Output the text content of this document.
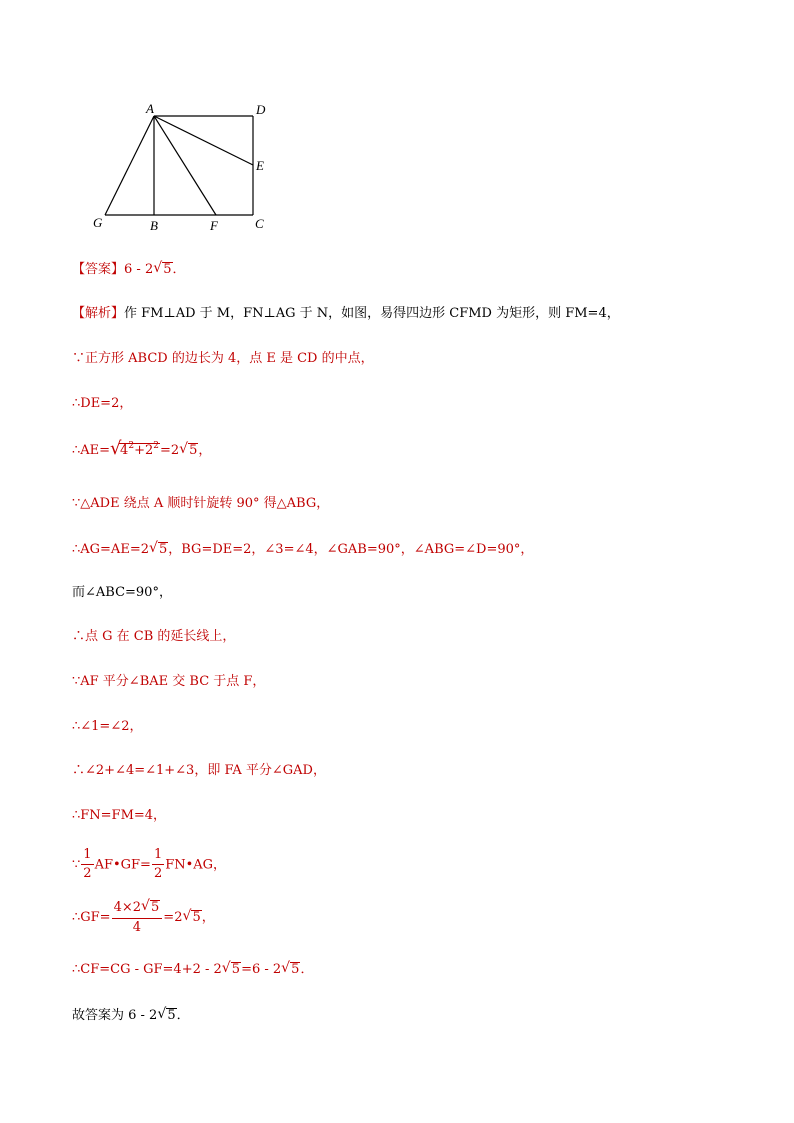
A	D
E
G	B	F	C
【答案】6 - 2 √ 5．
【解析】作 FM⊥AD 于 M，FN⊥AG 于 N，如图，易得四边形 CFMD 为矩形，则 FM=4，
∵正方形 ABCD 的边长为 4，点 E 是 CD 的中点，
∴DE=2，
∴AE= √
$4^2+2^2=2$ √ 5，
∵△ADE 绕点 A 顺时针旋转 90° 得△ABG，
∴AG=AE=2 √ 5，BG=DE=2，∠3=∠4，∠GAB=90°，∠ABG=∠D=90°，
而∠ABC=90°，
∴点 G 在 CB 的延长线上，
∵AF 平分∠BAE 交 BC 于点 F，
∴∠1=∠2，
∴∠2+∠4=∠1+∠3，即 FA 平分∠GAD，
∴FN=FM=4，
∵ $\frac{1}{2}$ AF•GF= $\frac{1}{2}$ FN•AG，
∴GF= $\frac{4\times 2 √ 5}{4} =2$ √ 5，
∴CF=CG - GF=4+2 - 2 √ 5=6 - 2 √ 5．
故答案为 6 - 2 √ 5．
